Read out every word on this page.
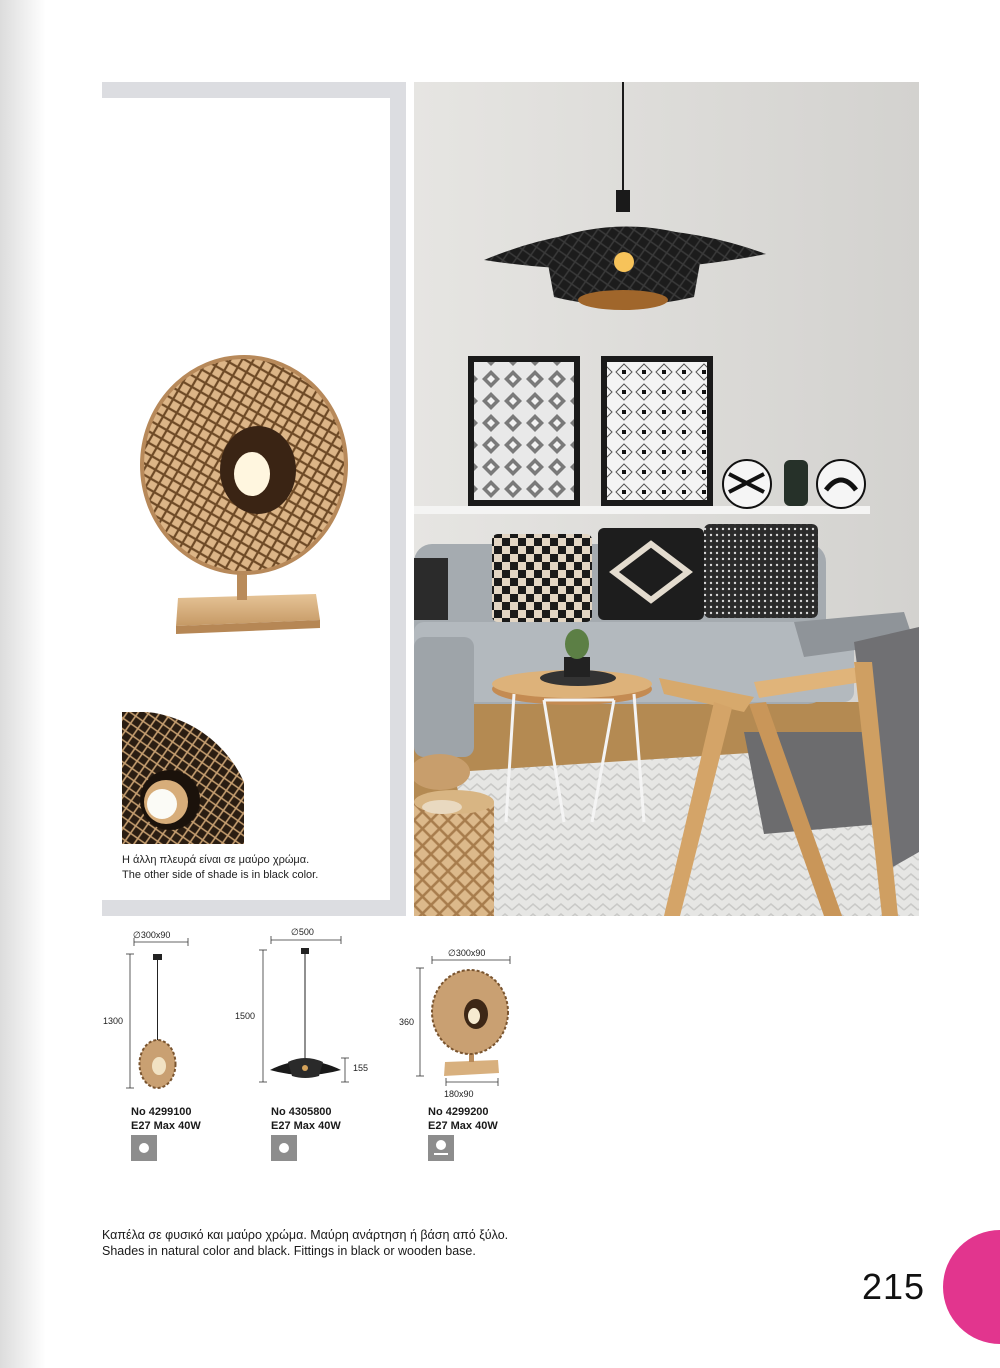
Η άλλη πλευρά είναι σε μαύρο χρώμα.
The other side of shade is in black color.
∅300x90
1300
∅500
1500
155
∅300x90
360
180x90
No 4299100
E27 Max 40W
No 4305800
E27 Max 40W
No 4299200
E27 Max 40W
Καπέλα σε φυσικό και μαύρο χρώμα. Μαύρη ανάρτηση ή βάση από ξύλο.
Shades in natural color and black. Fittings in black or wooden base.
215
